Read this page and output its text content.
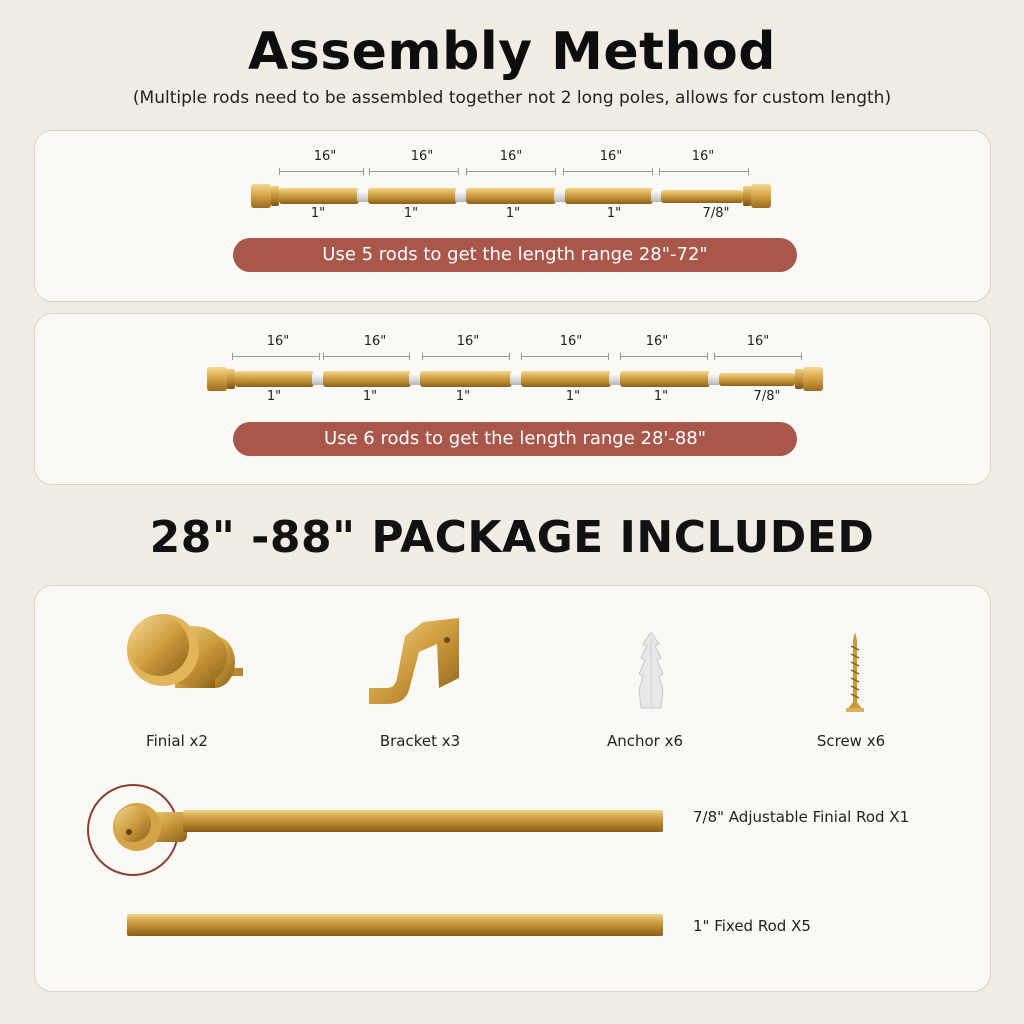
Assembly Method
(Multiple rods need to be assembled together not 2 long poles, allows for custom length)
16"	16"	16"	16"	16"
1"	1"	1"	1"	7/8"
Use 5 rods to get the length range 28"-72"
16"	16"	16"	16"	16"	16"
1"	1"	1"	1"	1"	7/8"
Use 6 rods to get the length range 28'-88"
28" -88" PACKAGE INCLUDED
Finial x2	Bracket x3	Anchor x6	Screw x6
7/8" Adjustable Finial Rod X1
1" Fixed Rod X5
